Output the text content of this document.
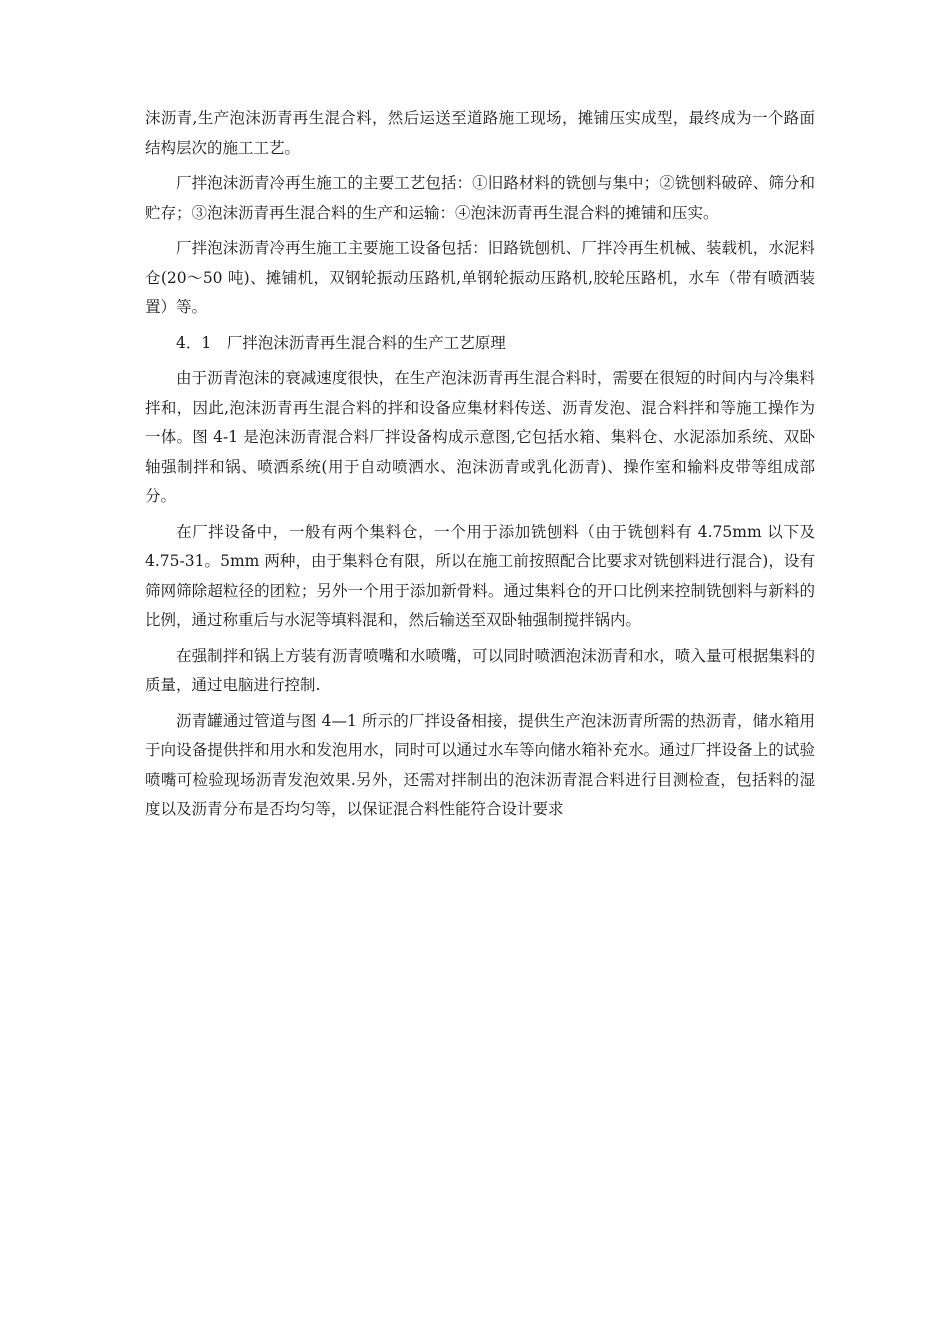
沫沥青,生产泡沫沥青再生混合料，然后运送至道路施工现场，摊铺压实成型，最终成为一个路面结构层次的施工工艺。

厂拌泡沫沥青冷再生施工的主要工艺包括：①旧路材料的铣刨与集中；②铣刨料破碎、筛分和贮存；③泡沫沥青再生混合料的生产和运输：④泡沫沥青再生混合料的摊铺和压实。

厂拌泡沫沥青冷再生施工主要施工设备包括：旧路铣刨机、厂拌冷再生机械、装载机，水泥料仓(20～50 吨)、摊铺机，双钢轮振动压路机,单钢轮振动压路机,胶轮压路机，水车（带有喷洒装置）等。

4．1　厂拌泡沫沥青再生混合料的生产工艺原理

由于沥青泡沫的衰减速度很快，在生产泡沫沥青再生混合料时，需要在很短的时间内与冷集料拌和，因此,泡沫沥青再生混合料的拌和设备应集材料传送、沥青发泡、混合料拌和等施工操作为一体。图 4-1 是泡沫沥青混合料厂拌设备构成示意图,它包括水箱、集料仓、水泥添加系统、双卧轴强制拌和锅、喷洒系统(用于自动喷洒水、泡沫沥青或乳化沥青)、操作室和输料皮带等组成部分。

在厂拌设备中，一般有两个集料仓，一个用于添加铣刨料（由于铣刨料有 4.75mm 以下及 4.75-31。5mm 两种，由于集料仓有限，所以在施工前按照配合比要求对铣刨料进行混合)，设有筛网筛除超粒径的团粒；另外一个用于添加新骨料。通过集料仓的开口比例来控制铣刨料与新料的比例，通过称重后与水泥等填料混和，然后输送至双卧轴强制搅拌锅内。

在强制拌和锅上方装有沥青喷嘴和水喷嘴，可以同时喷洒泡沫沥青和水，喷入量可根据集料的质量，通过电脑进行控制.

沥青罐通过管道与图 4—1 所示的厂拌设备相接，提供生产泡沫沥青所需的热沥青，储水箱用于向设备提供拌和用水和发泡用水，同时可以通过水车等向储水箱补充水。通过厂拌设备上的试验喷嘴可检验现场沥青发泡效果.另外，还需对拌制出的泡沫沥青混合料进行目测检查，包括料的湿度以及沥青分布是否均匀等，以保证混合料性能符合设计要求
